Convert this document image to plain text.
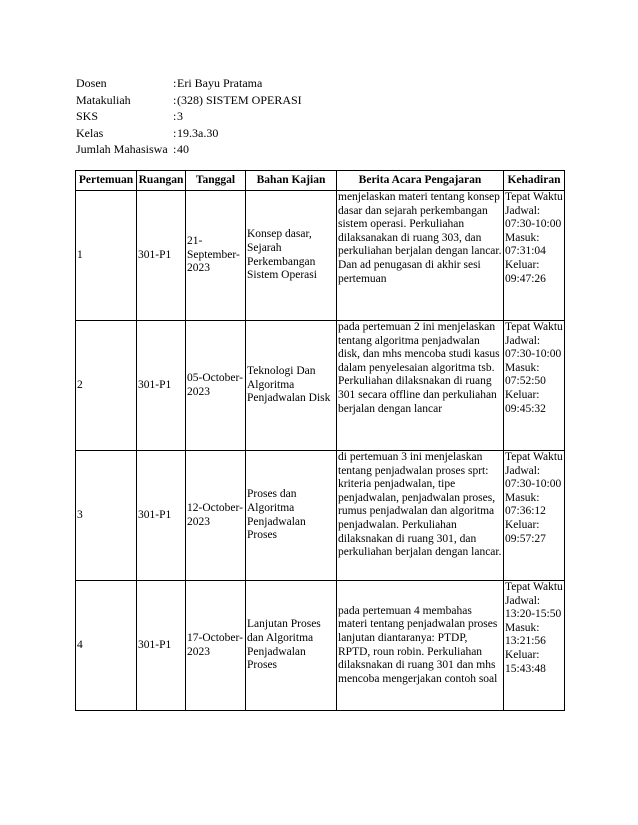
Dosen	: Eri Bayu Pratama
Matakuliah	: (328) SISTEM OPERASI
SKS	: 3
Kelas	: 19.3a.30
Jumlah Mahasiswa : 40
Pertemuan	Ruangan	Tanggal	Bahan Kajian	Berita Acara Pengajaran	Kehadiran
1	301-P1	21-September-2023	Konsep dasar, Sejarah Perkembangan Sistem Operasi	menjelaskan materi tentang konsep dasar dan sejarah perkembangan sistem operasi. Perkuliahan dilaksanakan di ruang 303, dan perkuliahan berjalan dengan lancar. Dan ad penugasan di akhir sesi pertemuan	Tepat Waktu Jadwal: 07:30-10:00 Masuk: 07:31:04 Keluar: 09:47:26
2	301-P1	05-October-2023	Teknologi Dan Algoritma Penjadwalan Disk	pada pertemuan 2 ini menjelaskan tentang algoritma penjadwalan disk, dan mhs mencoba studi kasus dalam penyelesaian algoritma tsb. Perkuliahan dilaksnakan di ruang 301 secara offline dan perkuliahan berjalan dengan lancar	Tepat Waktu Jadwal: 07:30-10:00 Masuk: 07:52:50 Keluar: 09:45:32
3	301-P1	12-October-2023	Proses dan Algoritma Penjadwalan Proses	di pertemuan 3 ini menjelaskan tentang penjadwalan proses sprt: kriteria penjadwalan, tipe penjadwalan, penjadwalan proses, rumus penjadwalan dan algoritma penjadwalan. Perkuliahan dilaksnakan di ruang 301, dan perkuliahan berjalan dengan lancar.	Tepat Waktu Jadwal: 07:30-10:00 Masuk: 07:36:12 Keluar: 09:57:27
4	301-P1	17-October-2023	Lanjutan Proses dan Algoritma Penjadwalan Proses	pada pertemuan 4 membahas materi tentang penjadwalan proses lanjutan diantaranya: PTDP, RPTD, roun robin. Perkuliahan dilaksnakan di ruang 301 dan mhs mencoba mengerjakan contoh soal	Tepat Waktu Jadwal: 13:20-15:50 Masuk: 13:21:56 Keluar: 15:43:48
